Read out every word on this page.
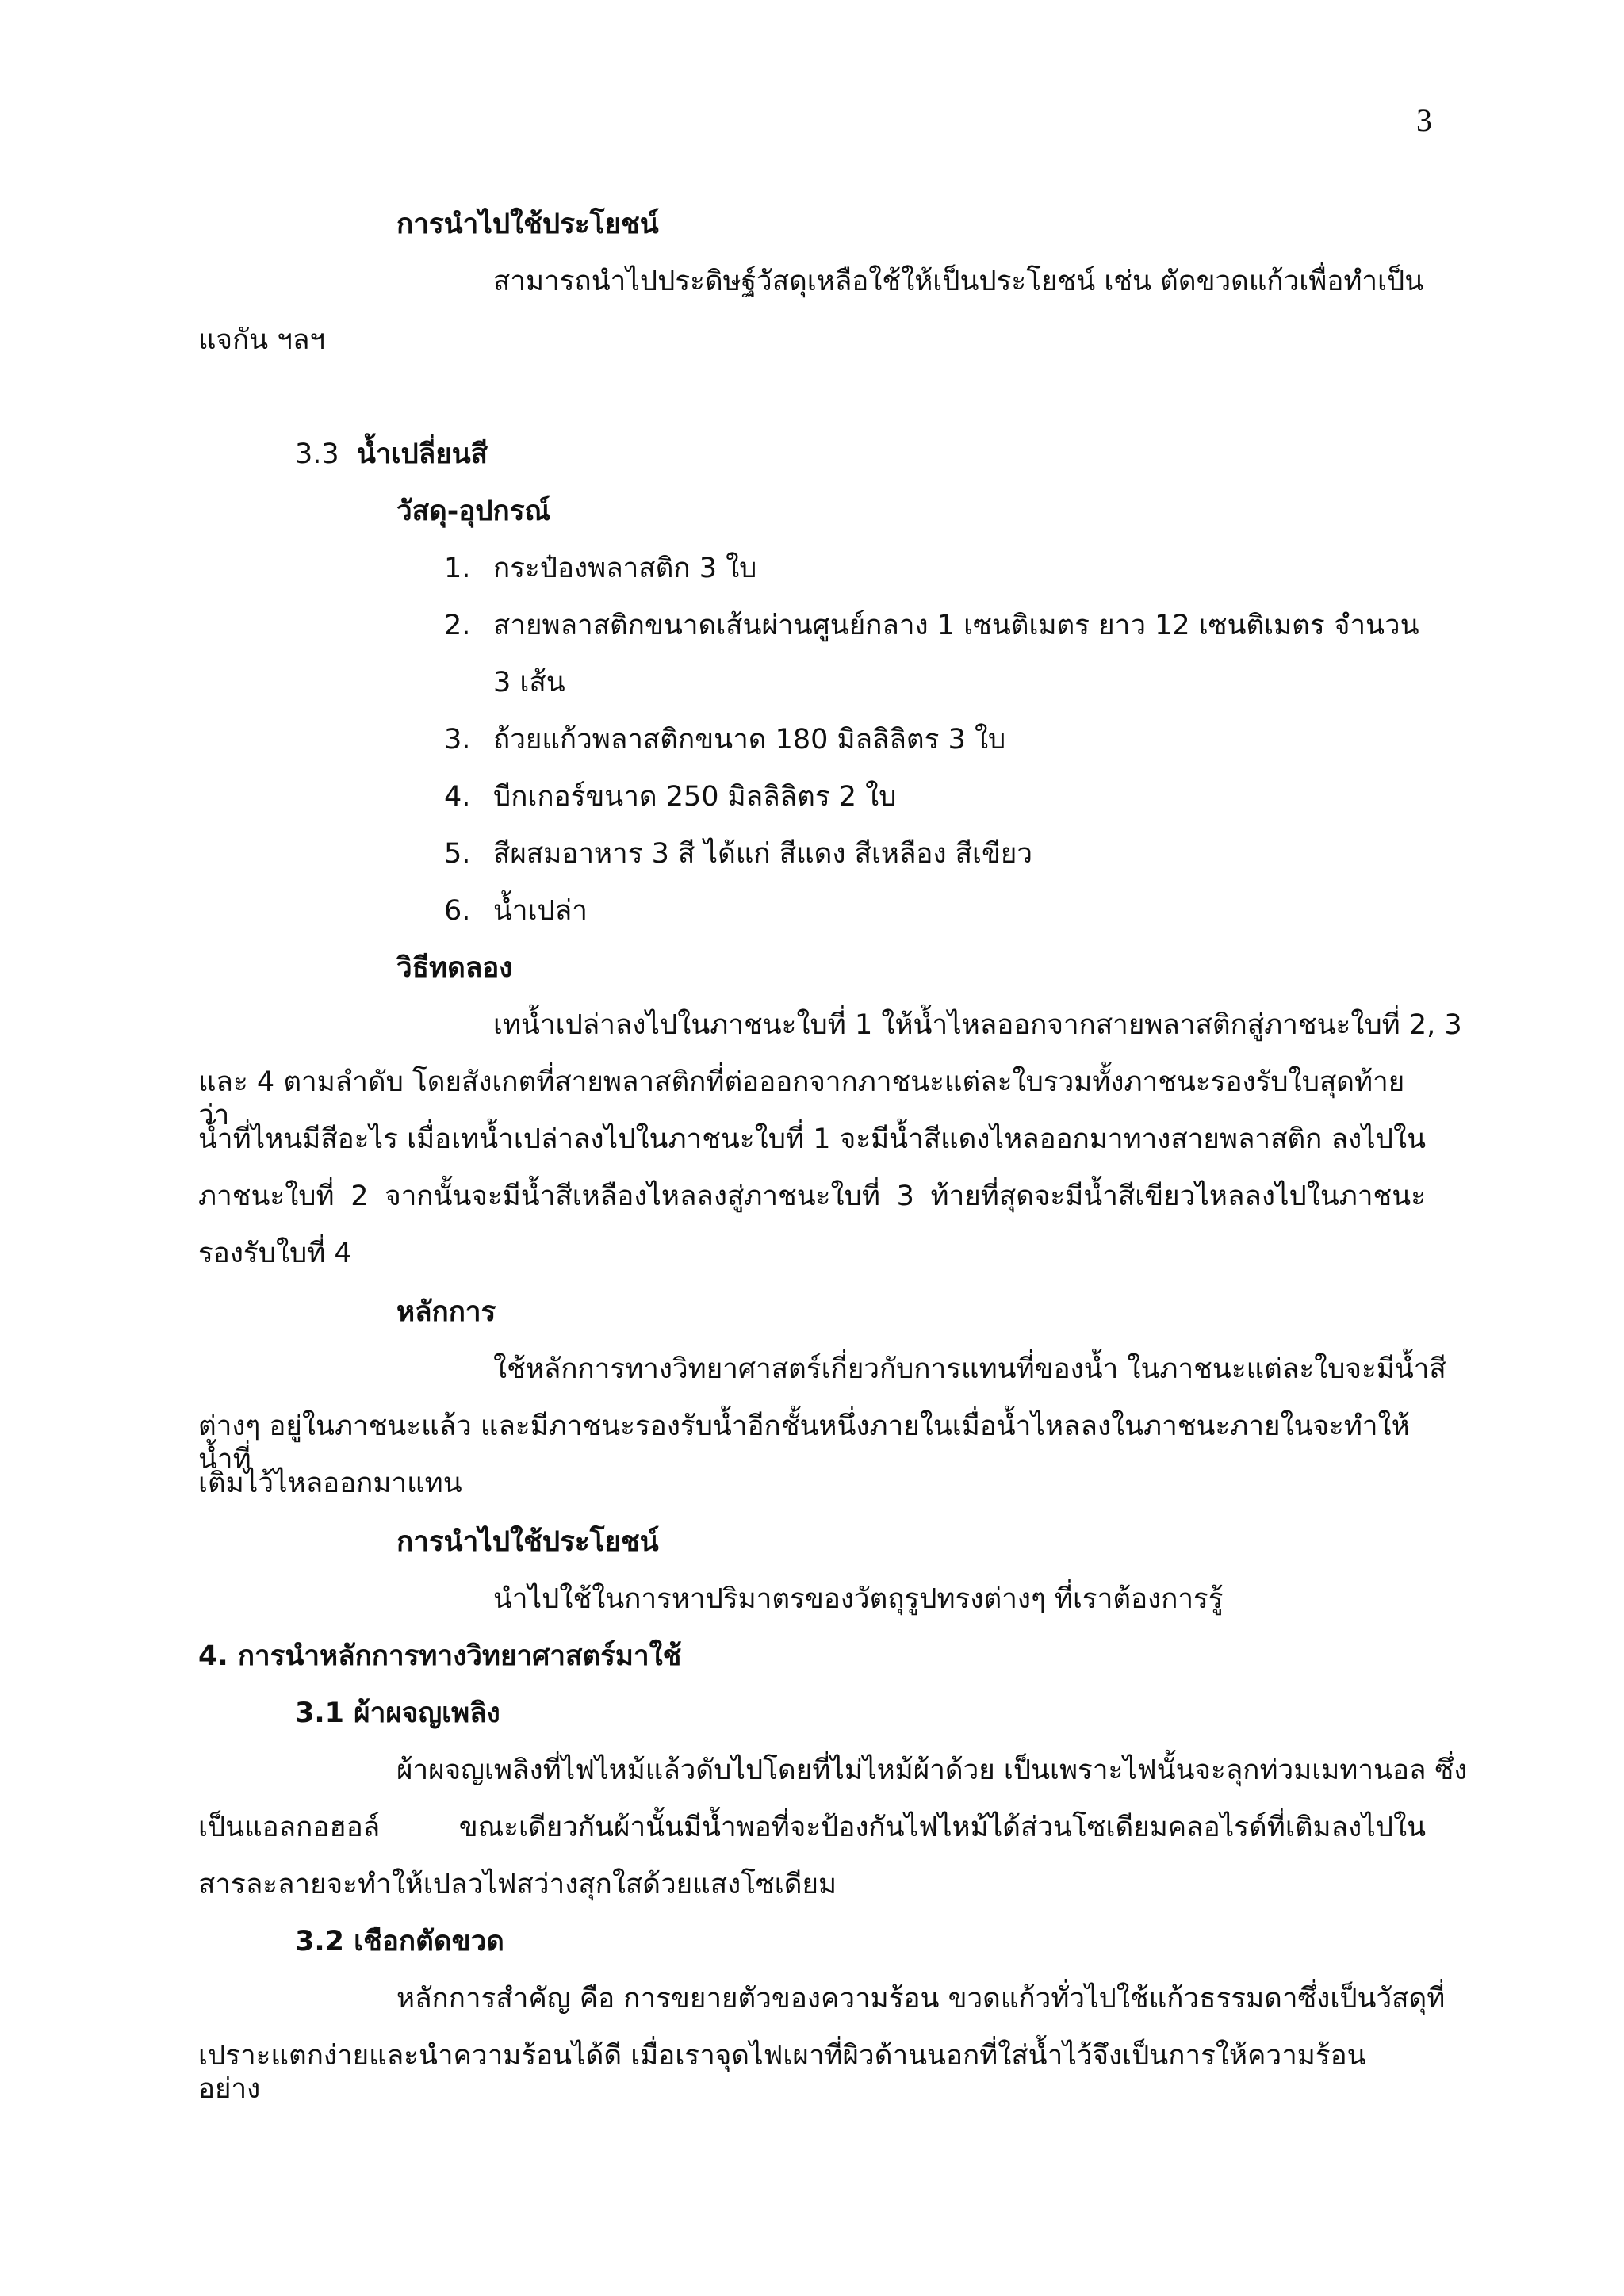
3
การนำไปใช้ประโยชน์
สามารถนำไปประดิษฐ์วัสดุเหลือใช้ให้เป็นประโยชน์ เช่น ตัดขวดแก้วเพื่อทำเป็น
แจกัน ฯลฯ
3.3 น้ำเปลี่ยนสี
วัสดุ-อุปกรณ์
1. กระป๋องพลาสติก 3 ใบ
2. สายพลาสติกขนาดเส้นผ่านศูนย์กลาง 1 เซนติเมตร ยาว 12 เซนติเมตร จำนวน
3 เส้น
3. ถ้วยแก้วพลาสติกขนาด 180 มิลลิลิตร 3 ใบ
4. บีกเกอร์ขนาด 250 มิลลิลิตร 2 ใบ
5. สีผสมอาหาร 3 สี ได้แก่ สีแดง สีเหลือง สีเขียว
6. น้ำเปล่า
วิธีทดลอง
เทน้ำเปล่าลงไปในภาชนะใบที่ 1 ให้น้ำไหลออกจากสายพลาสติกสู่ภาชนะใบที่ 2, 3
และ 4 ตามลำดับ โดยสังเกตที่สายพลาสติกที่ต่อออกจากภาชนะแต่ละใบรวมทั้งภาชนะรองรับใบสุดท้ายว่า
น้ำที่ไหนมีสีอะไร เมื่อเทน้ำเปล่าลงไปในภาชนะใบที่ 1 จะมีน้ำสีแดงไหลออกมาทางสายพลาสติก ลงไปใน
ภาชนะใบที่ 2 จากนั้นจะมีน้ำสีเหลืองไหลลงสู่ภาชนะใบที่ 3 ท้ายที่สุดจะมีน้ำสีเขียวไหลลงไปในภาชนะ
รองรับใบที่ 4
หลักการ
ใช้หลักการทางวิทยาศาสตร์เกี่ยวกับการแทนที่ของน้ำ ในภาชนะแต่ละใบจะมีน้ำสี
ต่างๆ อยู่ในภาชนะแล้ว และมีภาชนะรองรับน้ำอีกชั้นหนึ่งภายในเมื่อน้ำไหลลงในภาชนะภายในจะทำให้น้ำที่
เติมไว้ไหลออกมาแทน
การนำไปใช้ประโยชน์
นำไปใช้ในการหาปริมาตรของวัตถุรูปทรงต่างๆ ที่เราต้องการรู้
4. การนำหลักการทางวิทยาศาสตร์มาใช้
3.1 ผ้าผจญเพลิง
ผ้าผจญเพลิงที่ไฟไหม้แล้วดับไปโดยที่ไม่ไหม้ผ้าด้วย เป็นเพราะไฟนั้นจะลุกท่วมเมทานอล ซึ่ง
เป็นแอลกอฮอล์ ขณะเดียวกันผ้านั้นมีน้ำพอที่จะป้องกันไฟไหม้ได้ส่วนโซเดียมคลอไรด์ที่เติมลงไปใน
สารละลายจะทำให้เปลวไฟสว่างสุกใสด้วยแสงโซเดียม
3.2 เชือกตัดขวด
หลักการสำคัญ คือ การขยายตัวของความร้อน ขวดแก้วทั่วไปใช้แก้วธรรมดาซึ่งเป็นวัสดุที่
เปราะแตกง่ายและนำความร้อนได้ดี เมื่อเราจุดไฟเผาที่ผิวด้านนอกที่ใส่น้ำไว้จึงเป็นการให้ความร้อนอย่าง
